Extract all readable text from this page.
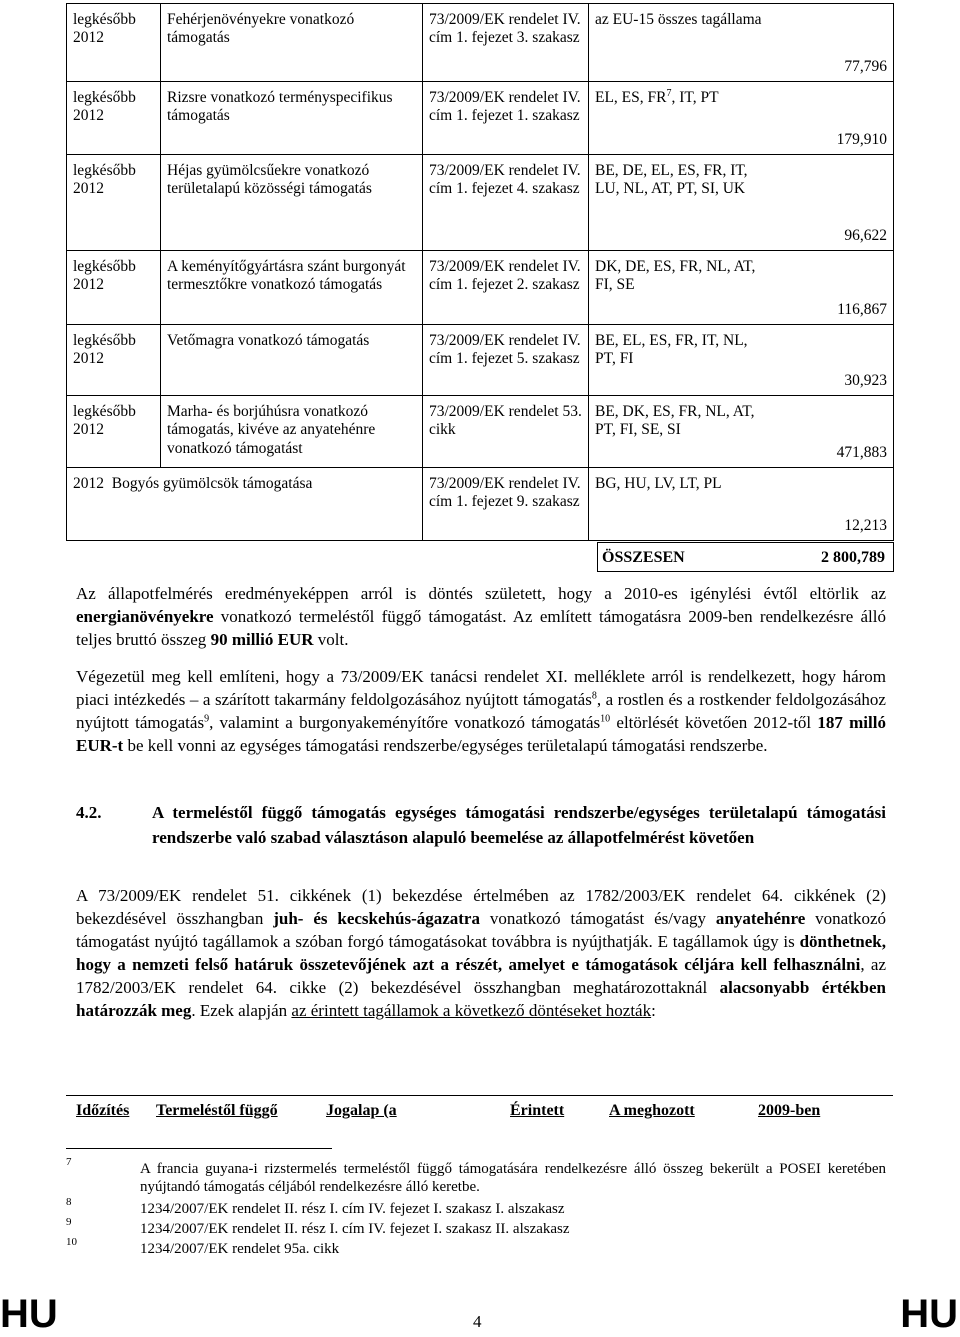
legkésőbb 2012	Fehérjenövényekre vonatkozó támogatás	73/2009/EK rendelet IV. cím 1. fejezet 3. szakasz	az EU-15 összes tagállama	77,796
legkésőbb 2012	Rizsre vonatkozó terményspecifikus támogatás	73/2009/EK rendelet IV. cím 1. fejezet 1. szakasz	EL, ES, $FR^7$, IT, PT	179,910
legkésőbb 2012	Héjas gyümölcsűekre vonatkozó területalapú közösségi támogatás	73/2009/EK rendelet IV. cím 1. fejezet 4. szakasz	BE, DE, EL, ES, FR, IT, LU, NL, AT, PT, SI, UK	96,622
legkésőbb 2012	A keményítőgyártásra szánt burgonyát termesztőkre vonatkozó támogatás	73/2009/EK rendelet IV. cím 1. fejezet 2. szakasz	DK, DE, ES, FR, NL, AT, FI, SE	116,867
legkésőbb 2012	Vetőmagra vonatkozó támogatás	73/2009/EK rendelet IV. cím 1. fejezet 5. szakasz	BE, EL, ES, FR, IT, NL, PT, FI	30,923
legkésőbb 2012	Marha- és borjúhúsra vonatkozó támogatás, kivéve az anyatehénre vonatkozó támogatást	73/2009/EK rendelet 53. cikk	BE, DK, ES, FR, NL, AT, PT, FI, SE, SI	471,883
2012 Bogyós gyümölcsök támogatása		73/2009/EK rendelet IV. cím 1. fejezet 9. szakasz	BG, HU, LV, LT, PL	12,213
ÖSSZESEN	2 800,789

Az állapotfelmérés eredményeképpen arról is döntés született, hogy a 2010-es igénylési évtől eltörlik az energianövényekre vonatkozó termeléstől függő támogatást. Az említett támogatásra 2009-ben rendelkezésre álló teljes bruttó összeg 90 millió EUR volt.

Végezetül meg kell említeni, hogy a 73/2009/EK tanácsi rendelet XI. melléklete arról is rendelkezett, hogy három piaci intézkedés – a szárított takarmány feldolgozásához nyújtott támogatás$^8$, a rostlen és a rostkender feldolgozásához nyújtott támogatás$^9$, valamint a burgonyakeményítőre vonatkozó támogatás$^{10}$ eltörlését követően 2012-től 187 milló EUR-t be kell vonni az egységes támogatási rendszerbe/egységes területalapú támogatási rendszerbe.

4.2.	A termeléstől függő támogatás egységes támogatási rendszerbe/egységes területalapú támogatási rendszerbe való szabad választáson alapuló beemelése az állapotfelmérést követően

A 73/2009/EK rendelet 51. cikkének (1) bekezdése értelmében az 1782/2003/EK rendelet 64. cikkének (2) bekezdésével összhangban juh- és kecskehús-ágazatra vonatkozó támogatást és/vagy anyatehénre vonatkozó támogatást nyújtó tagállamok a szóban forgó támogatásokat továbbra is nyújthatják. E tagállamok úgy is dönthetnek, hogy a nemzeti felső határuk összetevőjének azt a részét, amelyet e támogatások céljára kell felhasználni, az 1782/2003/EK rendelet 64. cikke (2) bekezdésével összhangban meghatározottaknál alacsonyabb értékben határozzák meg. Ezek alapján az érintett tagállamok a következő döntéseket hozták:

Időzítés Termeléstől függő	Jogalap (a	Érintett	A meghozott	2009-ben
7	A francia guyana-i rizstermelés termeléstől függő támogatására rendelkezésre álló összeg bekerült a POSEI keretében nyújtandó támogatás céljából rendelkezésre álló keretbe.
8	1234/2007/EK rendelet II. rész I. cím IV. fejezet I. szakasz I. alszakasz
9	1234/2007/EK rendelet II. rész I. cím IV. fejezet I. szakasz II. alszakasz
10	1234/2007/EK rendelet 95a. cikk
HU	4	HU
